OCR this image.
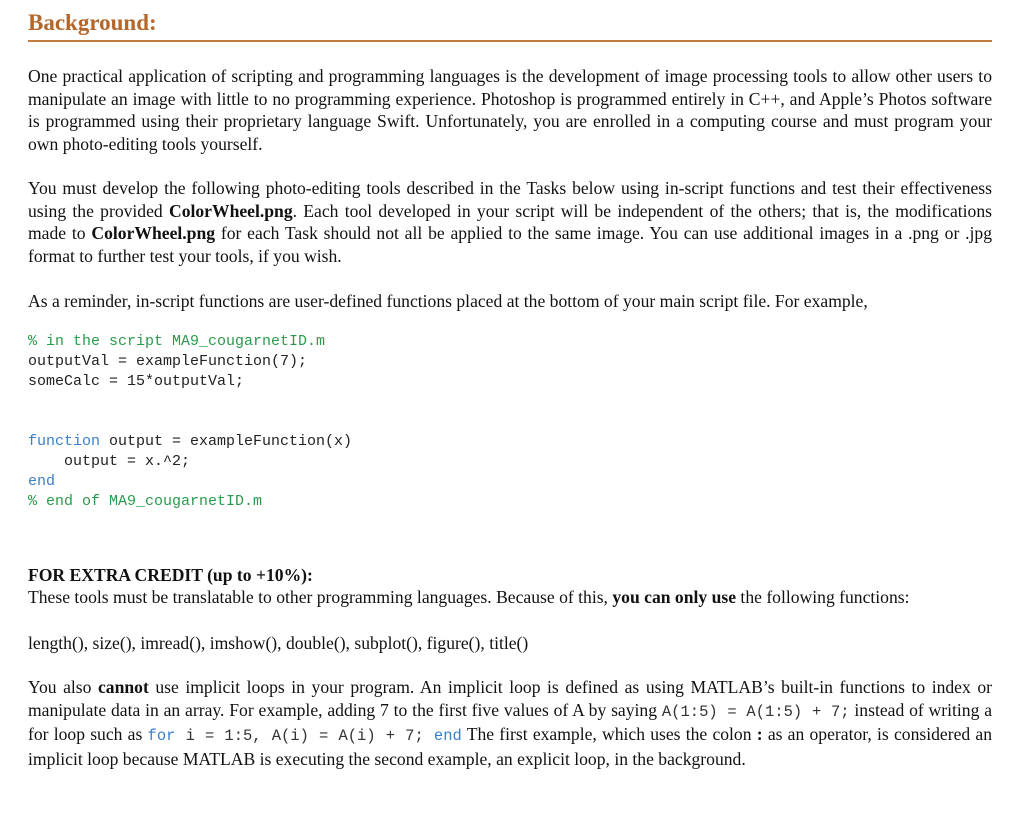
Background:

One practical application of scripting and programming languages is the development of image processing tools to allow other users to manipulate an image with little to no programming experience. Photoshop is programmed entirely in C++, and Apple’s Photos software is programmed using their proprietary language Swift. Unfortunately, you are enrolled in a computing course and must program your own photo-editing tools yourself.

You must develop the following photo-editing tools described in the Tasks below using in-script functions and test their effectiveness using the provided ColorWheel.png. Each tool developed in your script will be independent of the others; that is, the modifications made to ColorWheel.png for each Task should not all be applied to the same image. You can use additional images in a .png or .jpg format to further test your tools, if you wish.

As a reminder, in-script functions are user-defined functions placed at the bottom of your main script file. For example,

% in the script MA9_cougarnetID.m
outputVal = exampleFunction(7);
someCalc = 15*outputVal;
function output = exampleFunction(x)
output = x.^2;
end
% end of MA9_cougarnetID.m

FOR EXTRA CREDIT (up to +10%):

These tools must be translatable to other programming languages. Because of this, you can only use the following functions:

length(), size(), imread(), imshow(), double(), subplot(), figure(), title()

You also cannot use implicit loops in your program. An implicit loop is defined as using MATLAB’s built-in functions to index or manipulate data in an array. For example, adding 7 to the first five values of A by saying A(1:5) = A(1:5) + 7; instead of writing a for loop such as for i = 1:5, A(i) = A(i) + 7; end The first example, which uses the colon : as an operator, is considered an implicit loop because MATLAB is executing the second example, an explicit loop, in the background.
